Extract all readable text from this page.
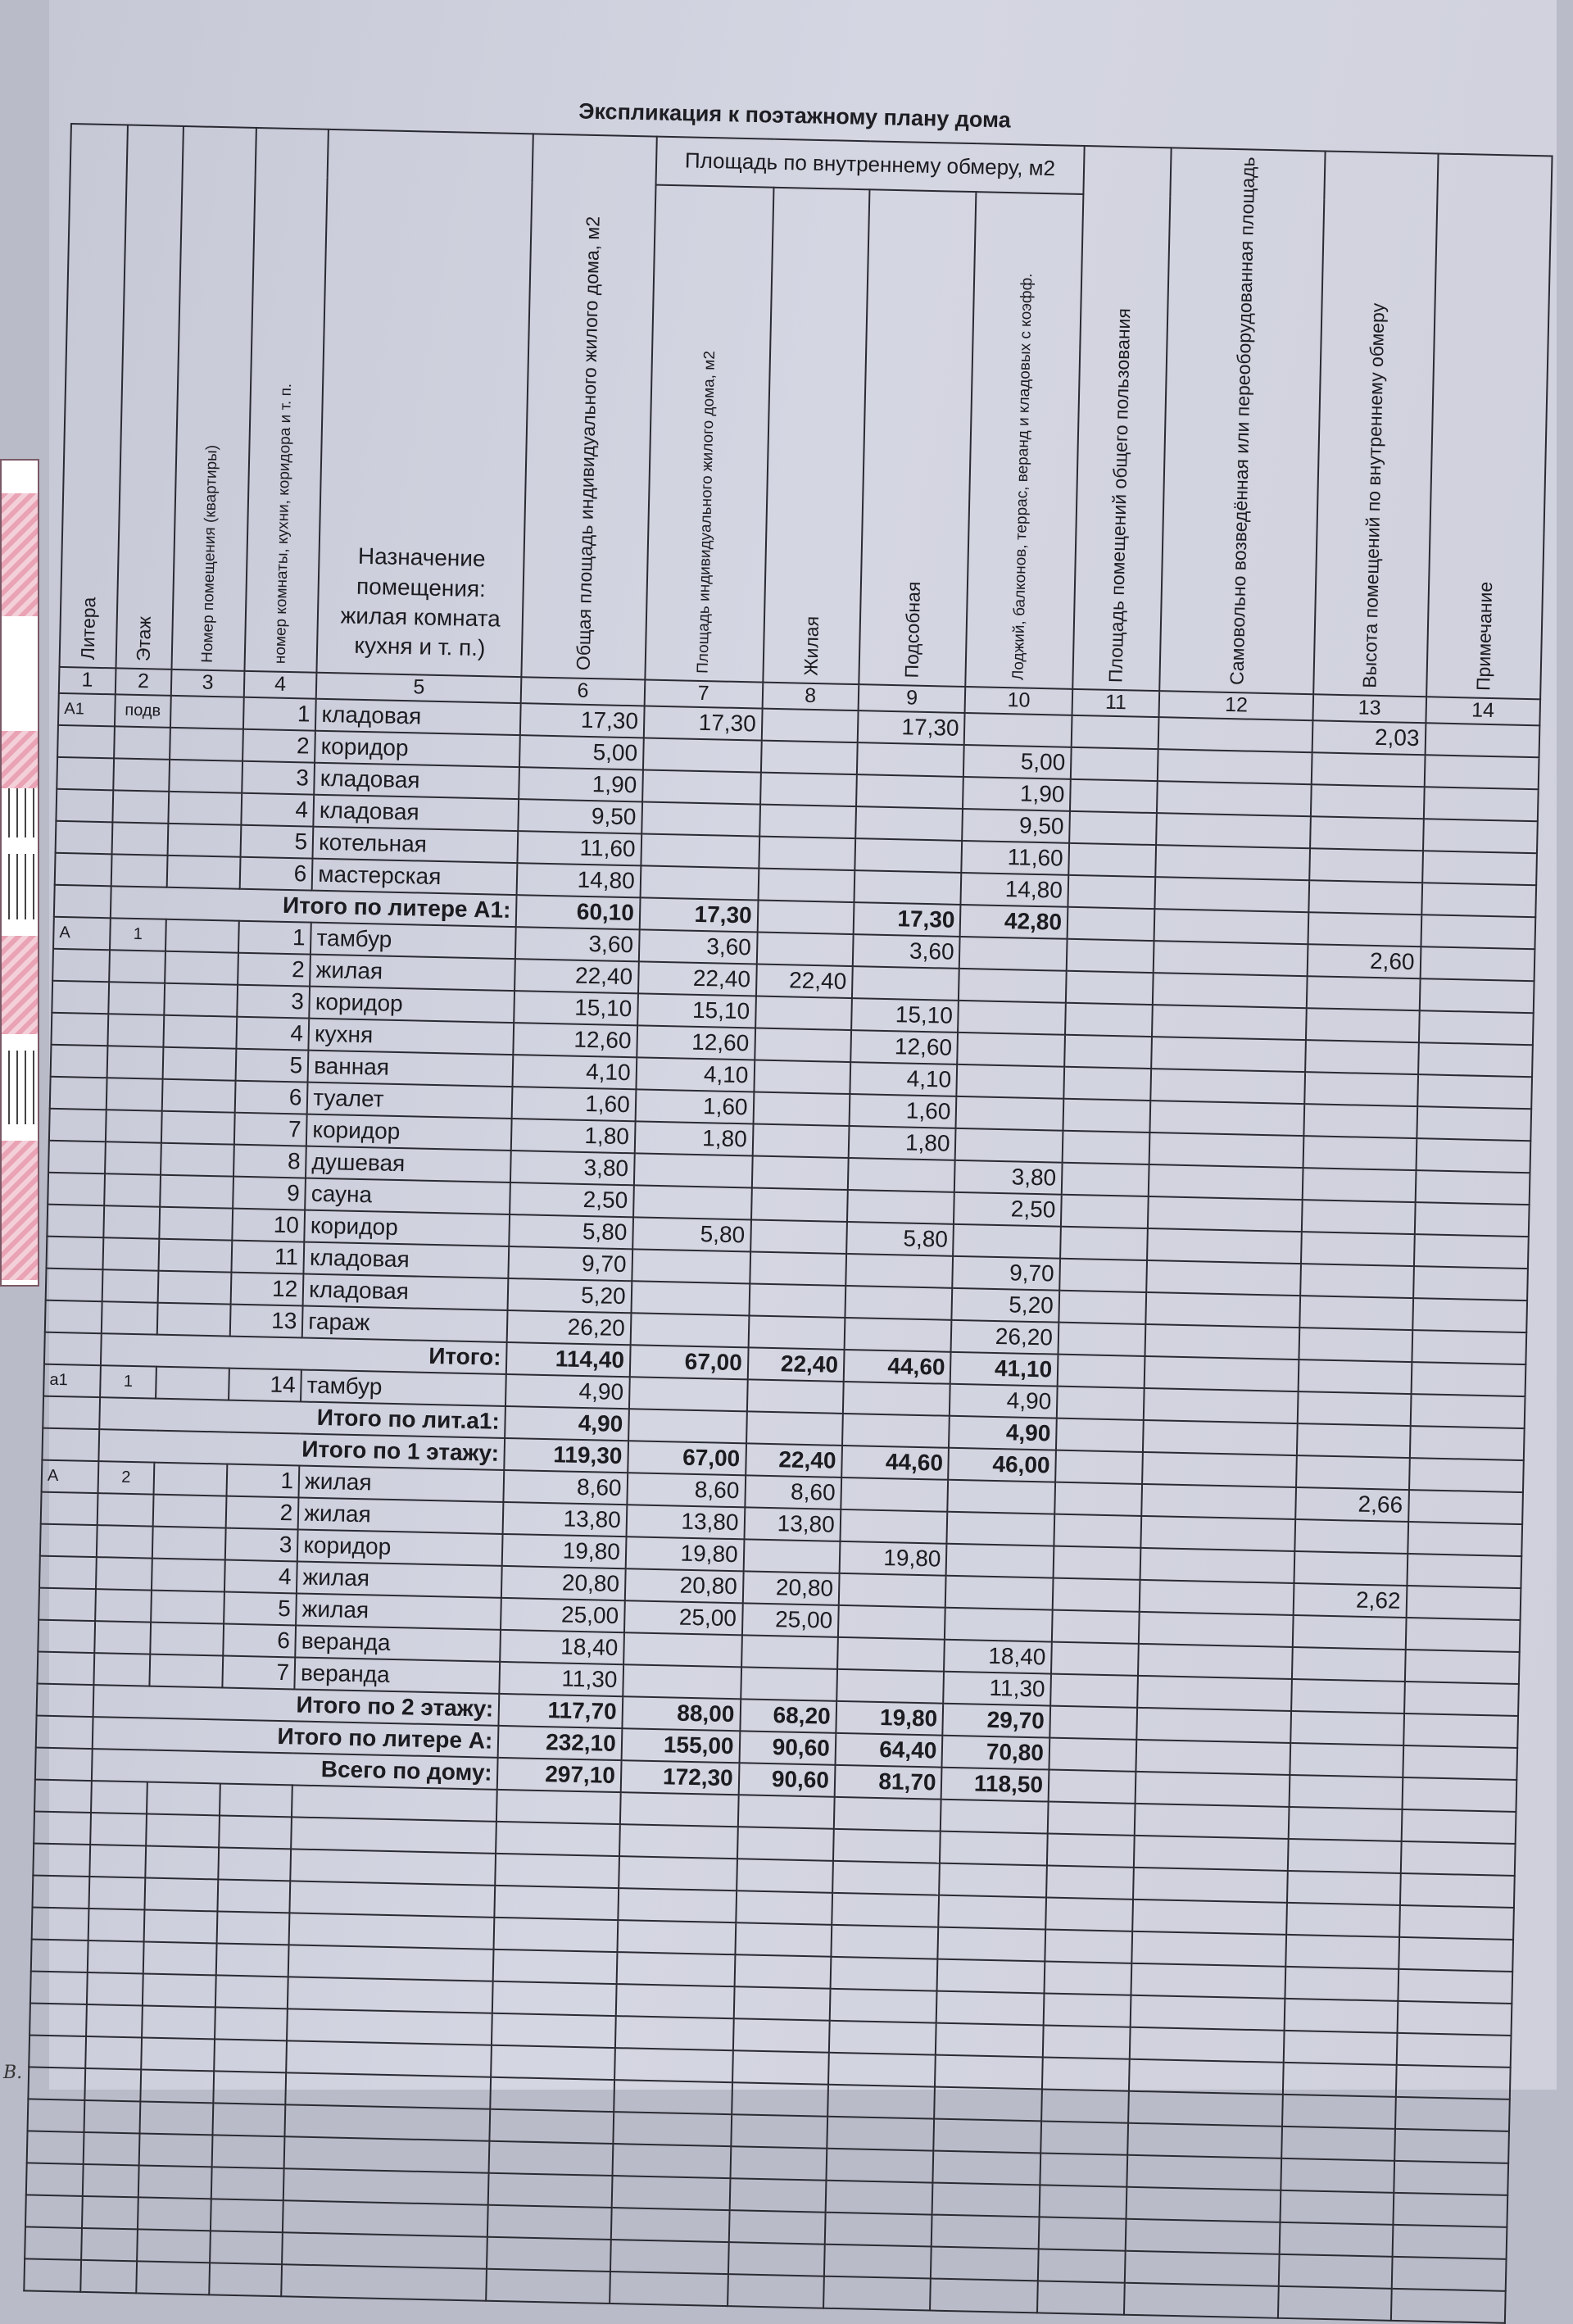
В.
Экспликация к поэтажному плану дома
Литера	Этаж	Номер помещения (квартиры)	номер комнаты, кухни, коридора и т. п.	Назначение помещения: жилая комната кухня и т. п.)	Общая площадь индивидуального жилого дома, м2	Площадь по внутреннему обмеру, м2				Площадь помещений общего пользования	Самовольно возведённая или переоборудованная площадь	Высота помещений по внутреннему обмеру	Примечание

						Площадь индивидуального жилого дома, м2	Жилая	Подсобная	Лоджий, балконов, террас, веранд и кладовых с коэфф.				

1	2	3	4	5	6	7	8	9	10	11	12	13	14
А1	подв		1	кладовая	17,30	17,30		17,30				2,03	
			2	коридор	5,00				5,00				
			3	кладовая	1,90				1,90				
			4	кладовая	9,50				9,50				
			5	котельная	11,60				11,60				
			6	мастерская	14,80				14,80				
	Итого по литере А1:				60,10	17,30		17,30	42,80				
А	1		1	тамбур	3,60	3,60		3,60				2,60	
			2	жилая	22,40	22,40	22,40						
			3	коридор	15,10	15,10		15,10					
			4	кухня	12,60	12,60		12,60					
			5	ванная	4,10	4,10		4,10					
			6	туалет	1,60	1,60		1,60					
			7	коридор	1,80	1,80		1,80					
			8	душевая	3,80				3,80				
			9	сауна	2,50				2,50				
			10	коридор	5,80	5,80		5,80					
			11	кладовая	9,70				9,70				
			12	кладовая	5,20				5,20				
			13	гараж	26,20				26,20				
	Итого:				114,40	67,00	22,40	44,60	41,10				
а1	1		14	тамбур	4,90				4,90				
	Итого по лит.а1:				4,90				4,90				
	Итого по 1 этажу:				119,30	67,00	22,40	44,60	46,00				
А	2		1	жилая	8,60	8,60	8,60					2,66	
			2	жилая	13,80	13,80	13,80						
			3	коридор	19,80	19,80		19,80					
			4	жилая	20,80	20,80	20,80					2,62	
			5	жилая	25,00	25,00	25,00						
			6	веранда	18,40				18,40				
			7	веранда	11,30				11,30				
	Итого по 2 этажу:				117,70	88,00	68,20	19,80	29,70				
	Итого по литере А:				232,10	155,00	90,60	64,40	70,80				
	Всего по дому:				297,10	172,30	90,60	81,70	118,50				
